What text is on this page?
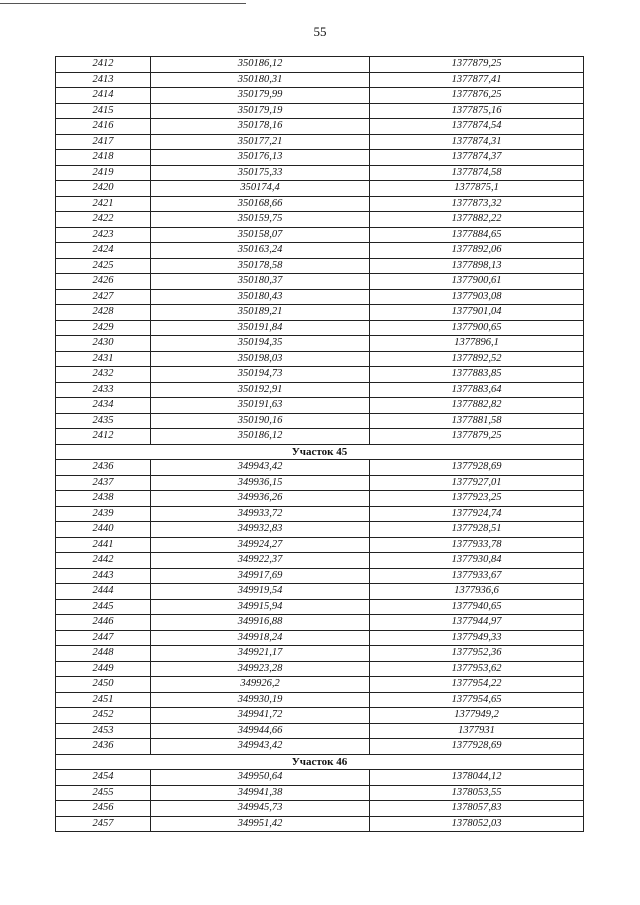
55
2412	350186,12	1377879,25
2413	350180,31	1377877,41
2414	350179,99	1377876,25
2415	350179,19	1377875,16
2416	350178,16	1377874,54
2417	350177,21	1377874,31
2418	350176,13	1377874,37
2419	350175,33	1377874,58
2420	350174,4	1377875,1
2421	350168,66	1377873,32
2422	350159,75	1377882,22
2423	350158,07	1377884,65
2424	350163,24	1377892,06
2425	350178,58	1377898,13
2426	350180,37	1377900,61
2427	350180,43	1377903,08
2428	350189,21	1377901,04
2429	350191,84	1377900,65
2430	350194,35	1377896,1
2431	350198,03	1377892,52
2432	350194,73	1377883,85
2433	350192,91	1377883,64
2434	350191,63	1377882,82
2435	350190,16	1377881,58
2412	350186,12	1377879,25
Участок 45		
2436	349943,42	1377928,69
2437	349936,15	1377927,01
2438	349936,26	1377923,25
2439	349933,72	1377924,74
2440	349932,83	1377928,51
2441	349924,27	1377933,78
2442	349922,37	1377930,84
2443	349917,69	1377933,67
2444	349919,54	1377936,6
2445	349915,94	1377940,65
2446	349916,88	1377944,97
2447	349918,24	1377949,33
2448	349921,17	1377952,36
2449	349923,28	1377953,62
2450	349926,2	1377954,22
2451	349930,19	1377954,65
2452	349941,72	1377949,2
2453	349944,66	1377931
2436	349943,42	1377928,69
Участок 46		
2454	349950,64	1378044,12
2455	349941,38	1378053,55
2456	349945,73	1378057,83
2457	349951,42	1378052,03
